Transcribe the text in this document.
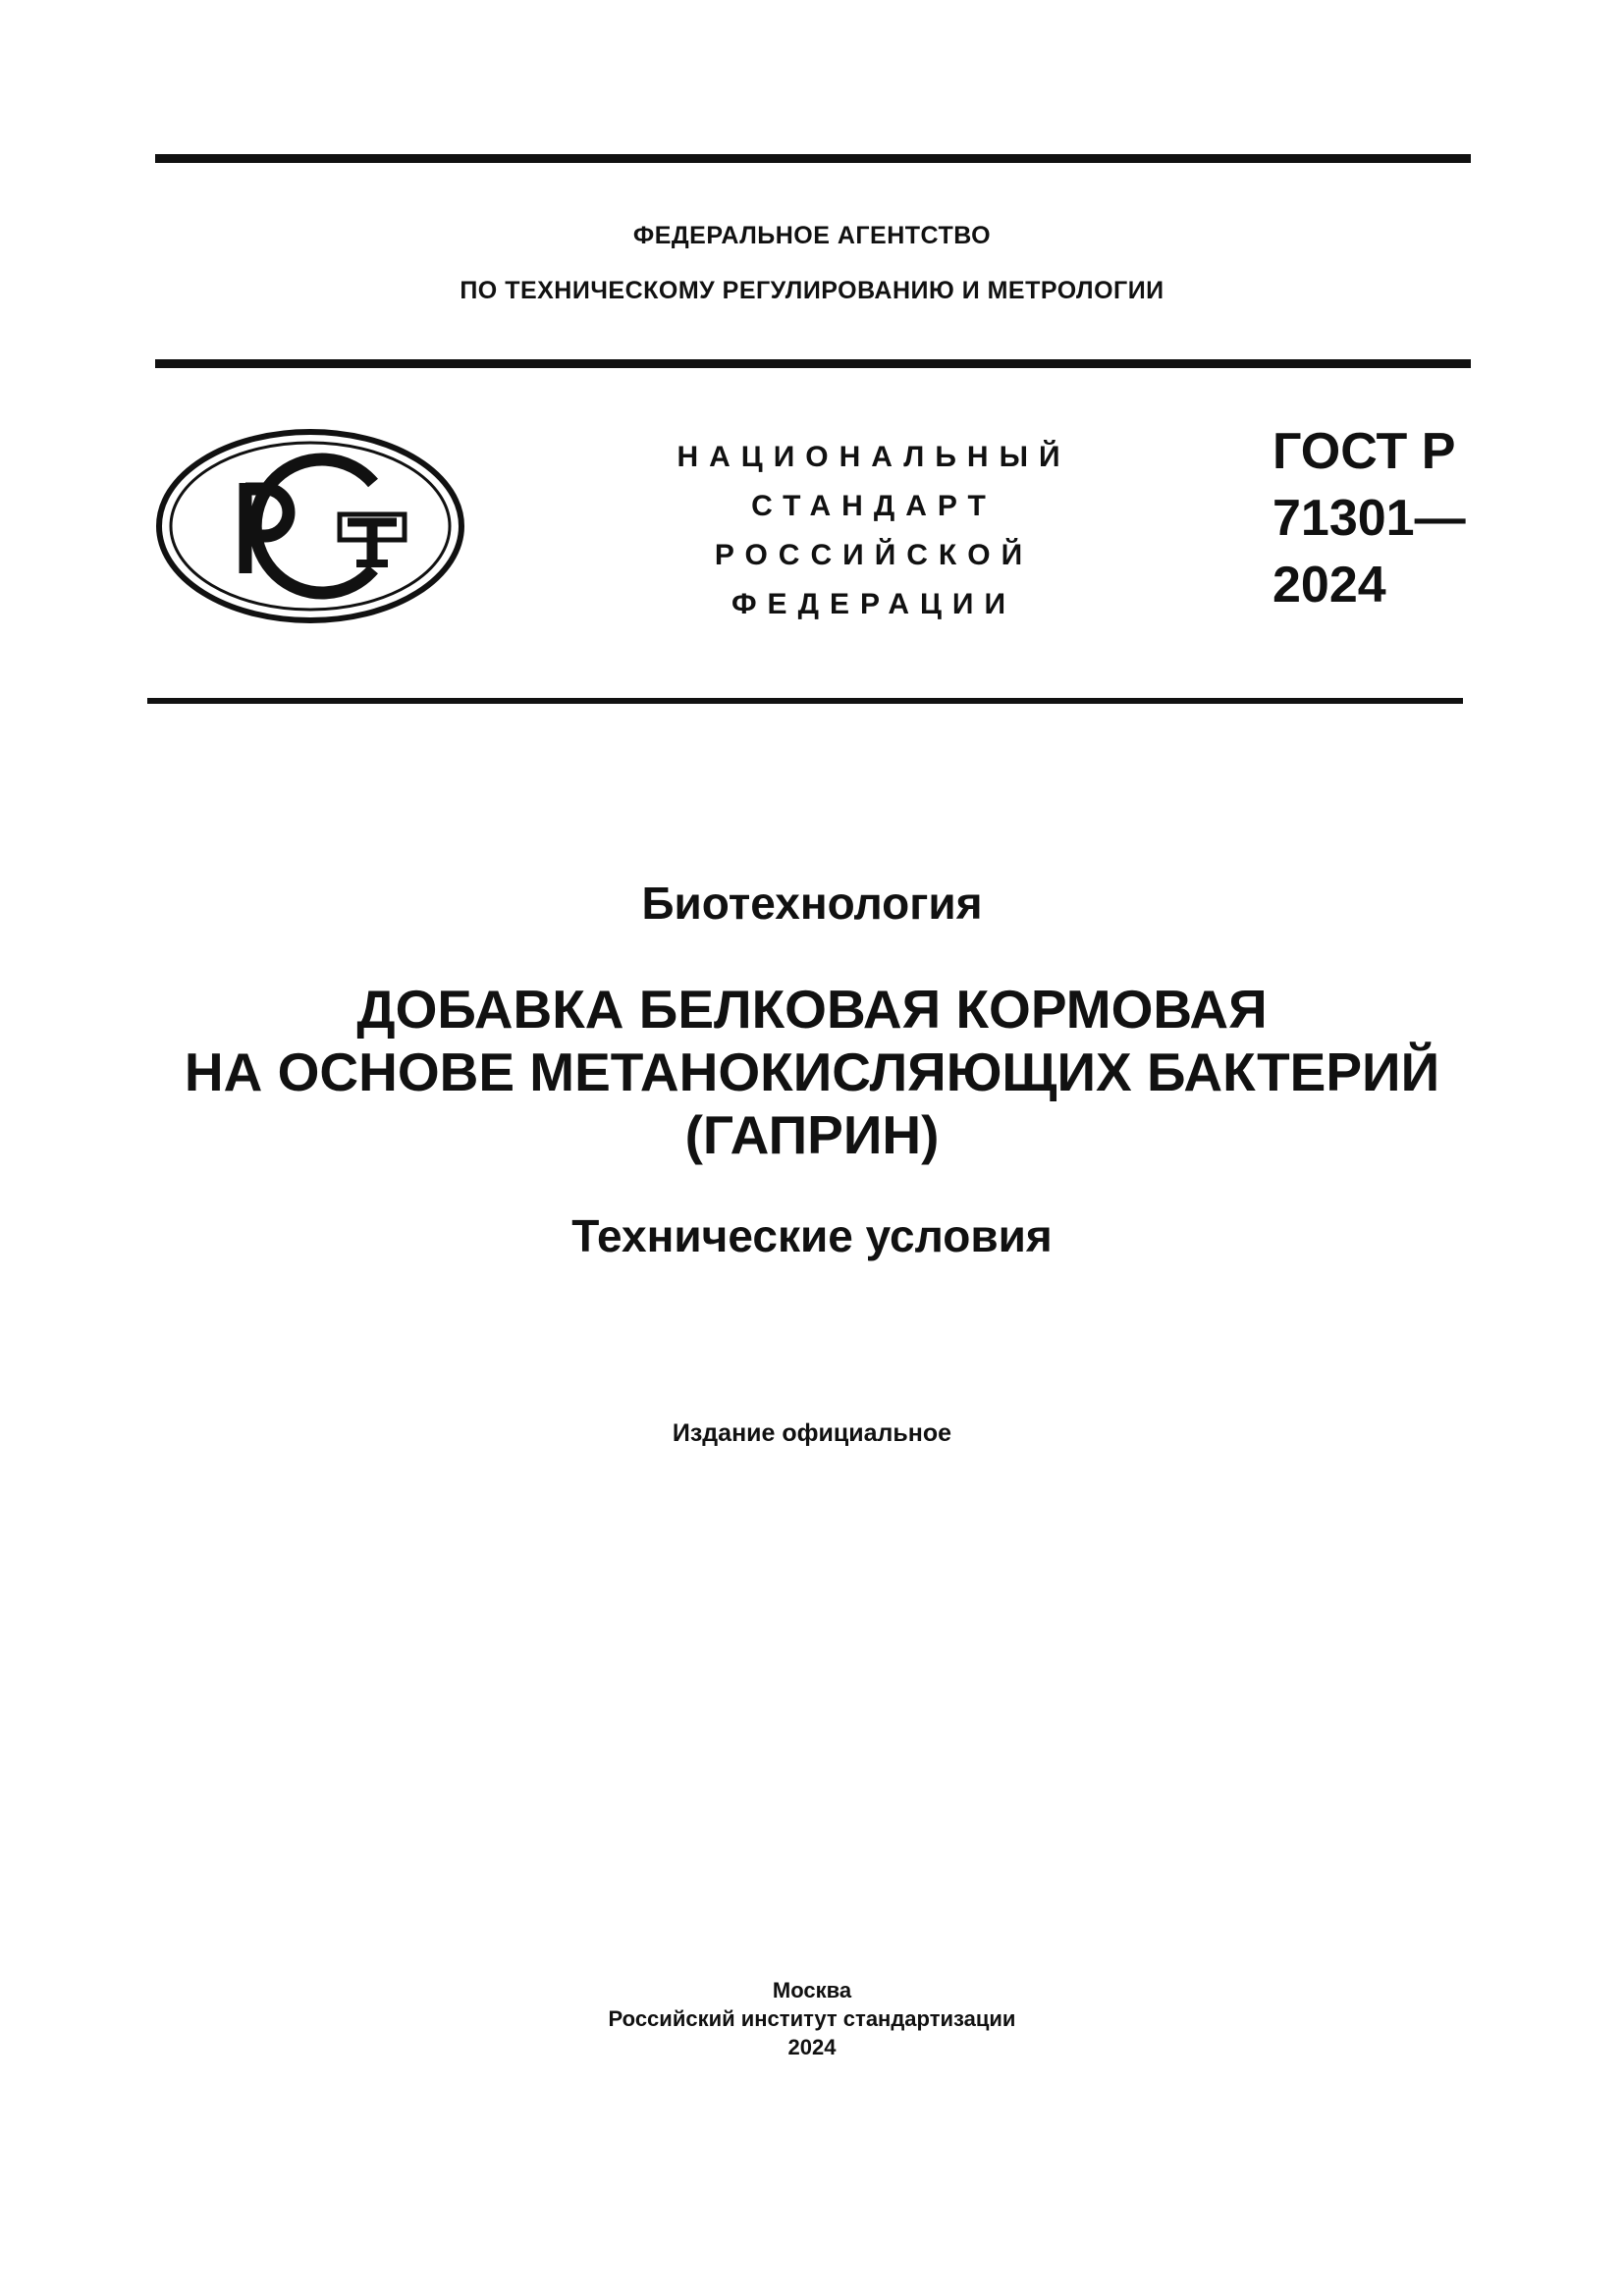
ФЕДЕРАЛЬНОЕ АГЕНТСТВО
ПО ТЕХНИЧЕСКОМУ РЕГУЛИРОВАНИЮ И МЕТРОЛОГИИ
НАЦИОНАЛЬНЫЙ
СТАНДАРТ
РОССИЙСКОЙ
ФЕДЕРАЦИИ
ГОСТ Р
71301—
2024
Биотехнология
ДОБАВКА БЕЛКОВАЯ КОРМОВАЯ
НА ОСНОВЕ МЕТАНОКИСЛЯЮЩИХ БАКТЕРИЙ
(ГАПРИН)
Технические условия
Издание официальное
Москва
Российский институт стандартизации
2024
